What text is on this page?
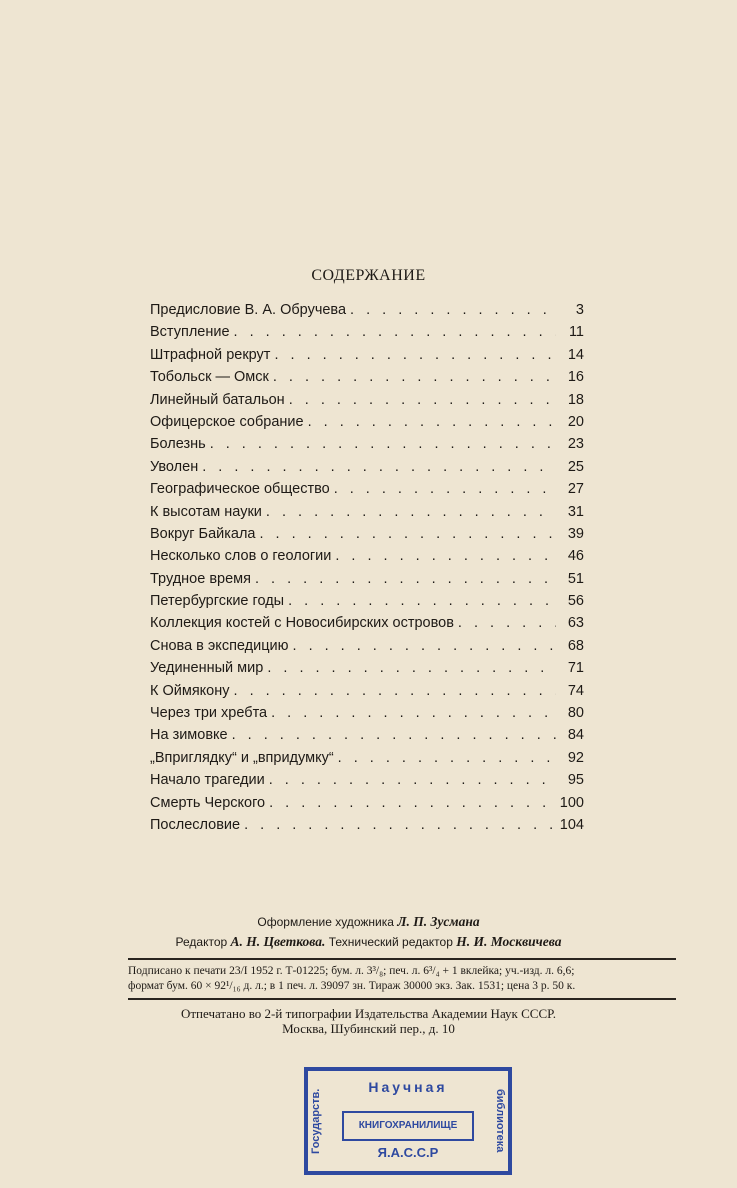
СОДЕРЖАНИЕ
Предисловие В. А. Обручева . . .	3
Вступление . . .	11
Штрафной рекрут . . .	14
Тобольск — Омск . . .	16
Линейный батальон . . .	18
Офицерское собрание . . .	20
Болезнь . . .	23
Уволен . . .	25
Географическое общество . . .	27
К высотам науки . . .	31
Вокруг Байкала . . .	39
Несколько слов о геологии . . .	46
Трудное время . . .	51
Петербургские годы . . .	56
Коллекция костей с Новосибирских островов . . .	63
Снова в экспедицию . . .	68
Уединенный мир . . .	71
К Оймякону . . .	74
Через три хребта . . .	80
На зимовке . . .	84
„Вприглядку“ и „впридумку“ . . .	92
Начало трагедии . . .	95
Смерть Черского . . .	100
Послесловие . . .	104
Оформление художника Л. П. Зусмана
Редактор А. Н. Цветкова. Технический редактор Н. И. Москвичева
Подписано к печати 23/I 1952 г. Т-01225; бум. л. 3³/₈; печ. л. 6³/₄ + 1 вклейка; уч.-изд. л. 6,6;
формат бум. 60 × 92¹/₁₆ д. л.; в 1 печ. л. 39097 зн. Тираж 30000 экз. Зак. 1531; цена 3 р. 50 к.
Отпечатано во 2-й типографии Издательства Академии Наук СССР.
Москва, Шубинский пер., д. 10
Государств.
Научная
КНИГОХРАНИЛИЩЕ
Я.А.С.С.Р	библиотека
